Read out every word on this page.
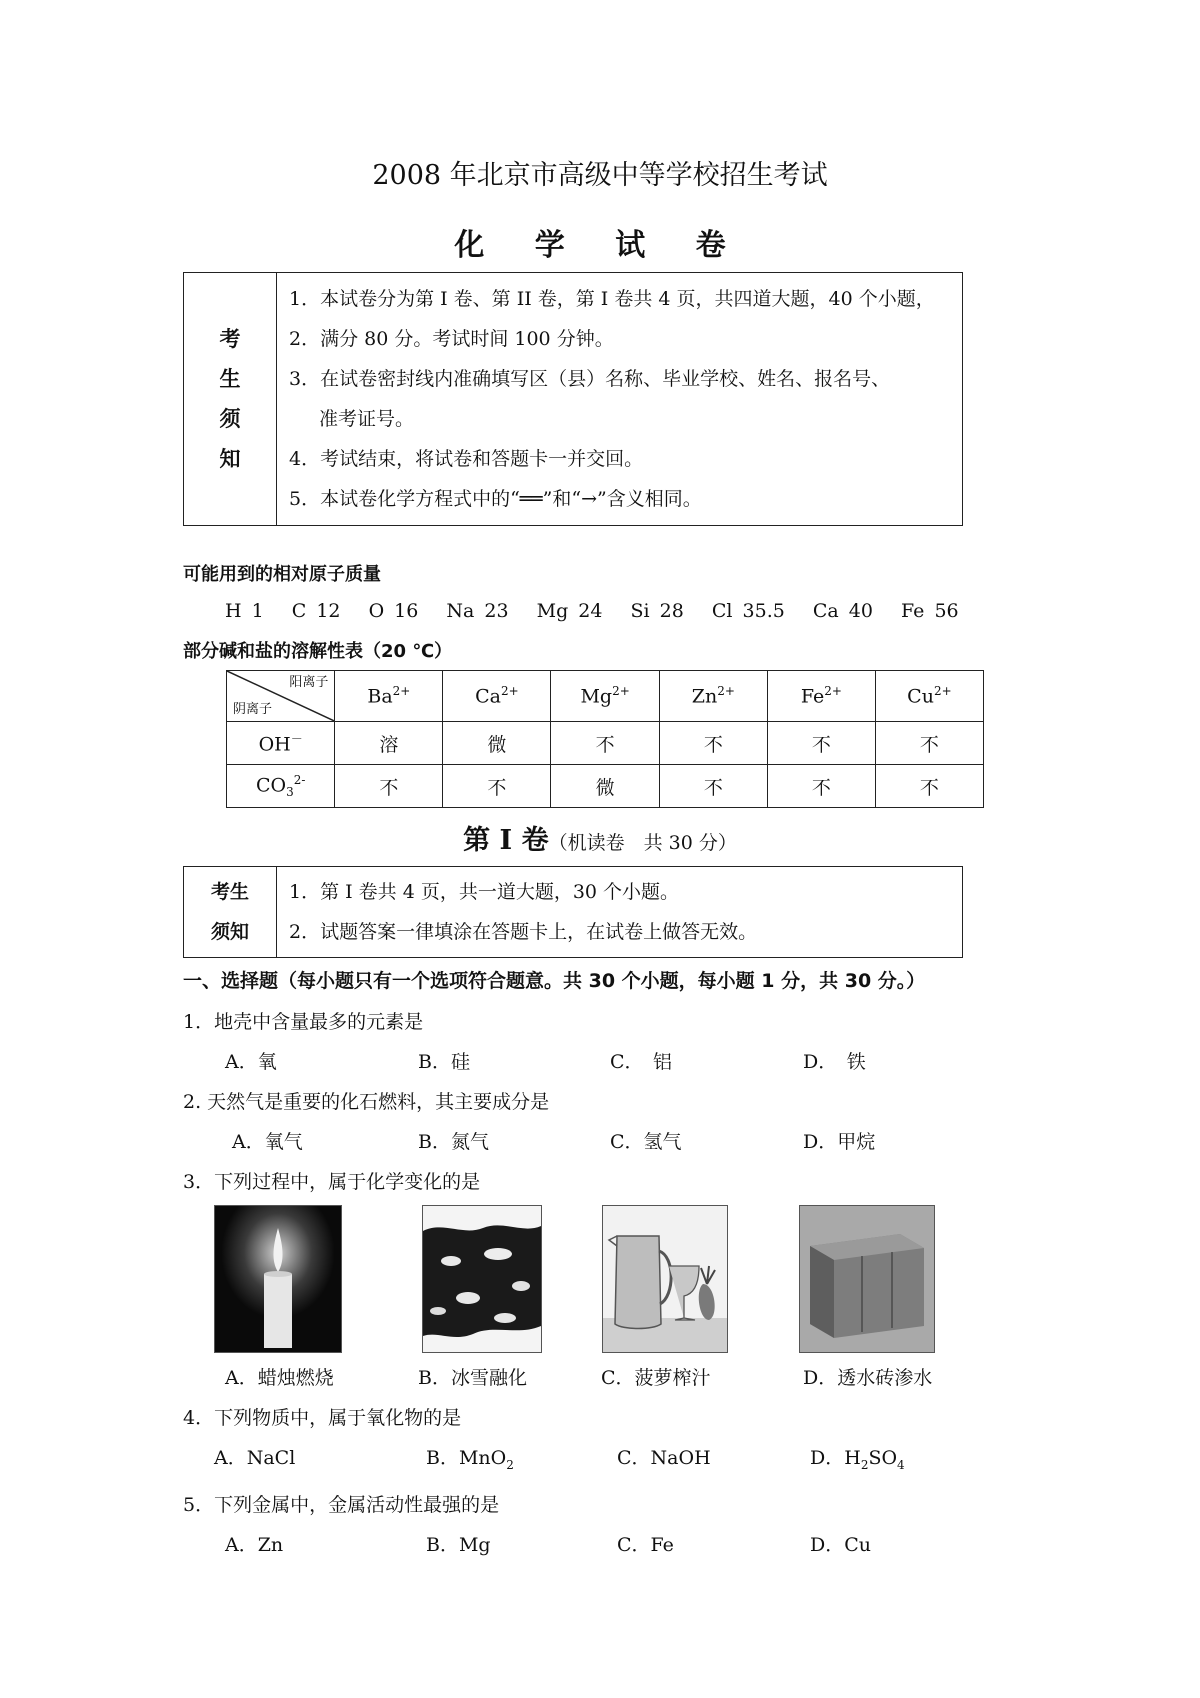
2008 年北京市高级中等学校招生考试
化 学 试 卷
考
生
须
知

1．本试卷分为第 I 卷、第 II 卷，第 I 卷共 4 页，共四道大题，40 个小题，
2．满分 80 分。考试时间 100 分钟。
3．在试卷密封线内准确填写区（县）名称、毕业学校、姓名、报名号、
准考证号。
4．考试结束，将试卷和答题卡一并交回。
5．本试卷化学方程式中的“══”和“→”含义相同。
可能用到的相对原子质量
H 1 C 12 O 16 Na 23 Mg 24 Si 28 Cl 35.5 Ca 40 Fe 56
部分碱和盐的溶解性表（20 ℃）
阳离子
阴离子	$Ba^{2+}$	$Ca^{2+}$	$Mg^{2+}$	$Zn^{2+}$	$Fe^{2+}$	$Cu^{2+}$
OH－	溶	微	不	不	不	不
$CO_3^{2-}$	不	不	微	不	不	不
第 I 卷（机读卷　共 30 分）
考生
须知

1．第 I 卷共 4 页，共一道大题，30 个小题。
2．试题答案一律填涂在答题卡上，在试卷上做答无效。
一、选择题（每小题只有一个选项符合题意。共 30 个小题，每小题 1 分，共 30 分。）
1．地壳中含量最多的元素是
A．氧	B．硅	C．　铝	D．　铁
2. 天然气是重要的化石燃料，其主要成分是
A．氧气	B．氮气	C．氢气	D．甲烷
3．下列过程中，属于化学变化的是
A．蜡烛燃烧	B．冰雪融化	C．菠萝榨汁	D．透水砖渗水
4．下列物质中，属于氧化物的是
A．NaCl	B．MnO$_2$	C．NaOH	D．$H_2SO_4$
5．下列金属中，金属活动性最强的是
A．Zn	B．Mg	C．Fe	D．Cu
